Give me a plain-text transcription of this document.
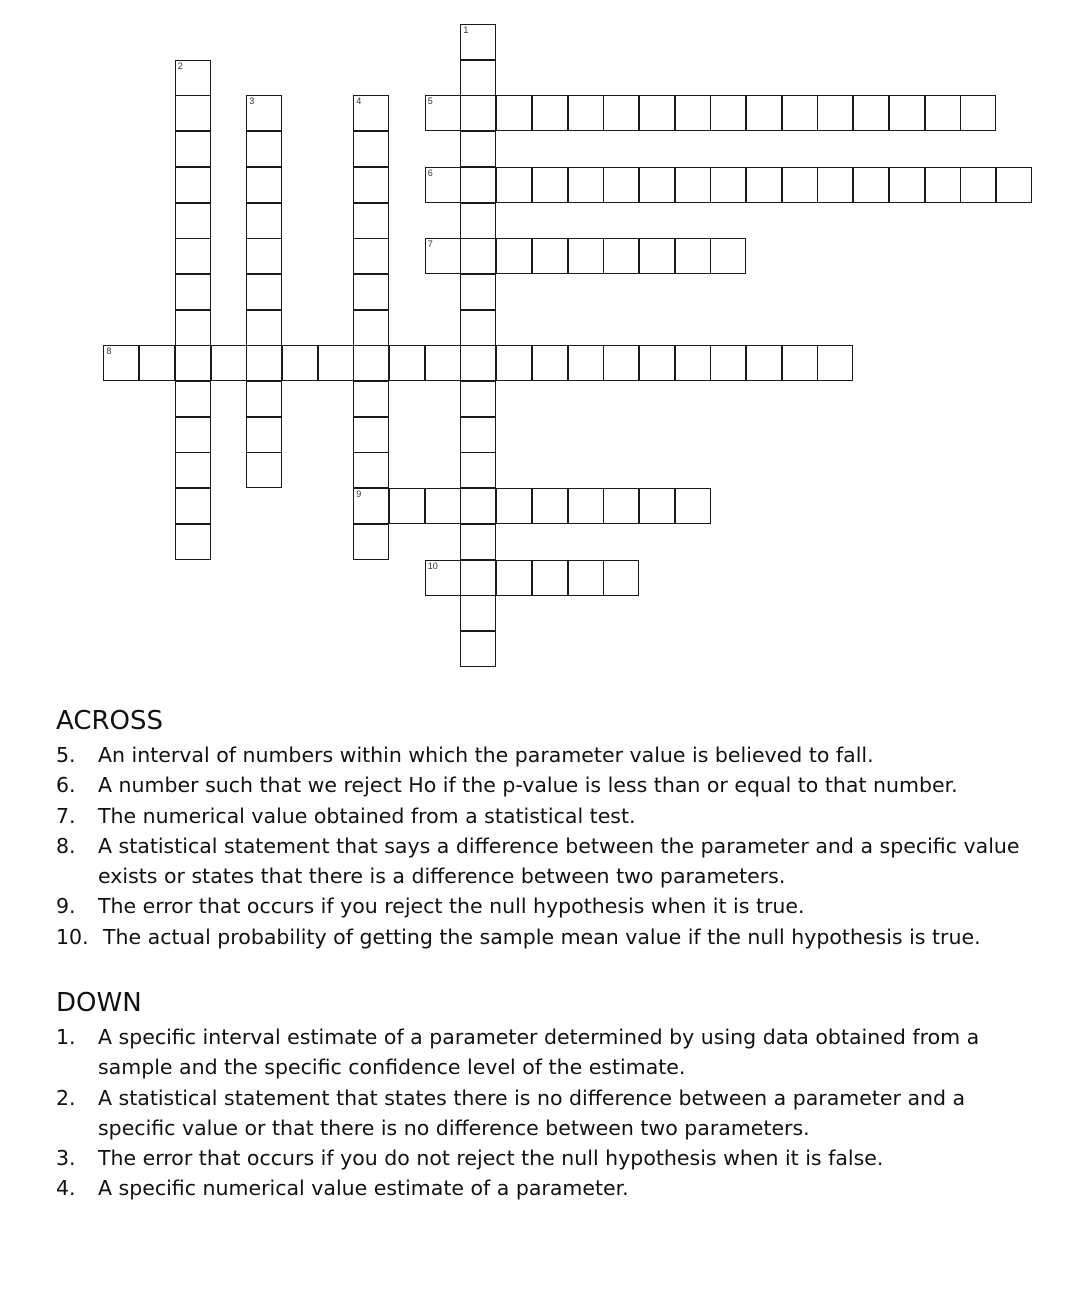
1
2
3	4
9
5
6
7
8
10
ACROSS
5. An interval of numbers within which the parameter value is believed to fall.
6. A number such that we reject Ho if the p-value is less than or equal to that number.
7. The numerical value obtained from a statistical test.
8. A statistical statement that says a difference between the parameter and a specific value exists or states that there is a difference between two parameters.
9. The error that occurs if you reject the null hypothesis when it is true.
10. The actual probability of getting the sample mean value if the null hypothesis is true.
DOWN
1. A specific interval estimate of a parameter determined by using data obtained from a sample and the specific confidence level of the estimate.
2. A statistical statement that states there is no difference between a parameter and a specific value or that there is no difference between two parameters.
3. The error that occurs if you do not reject the null hypothesis when it is false.
4. A specific numerical value estimate of a parameter.
